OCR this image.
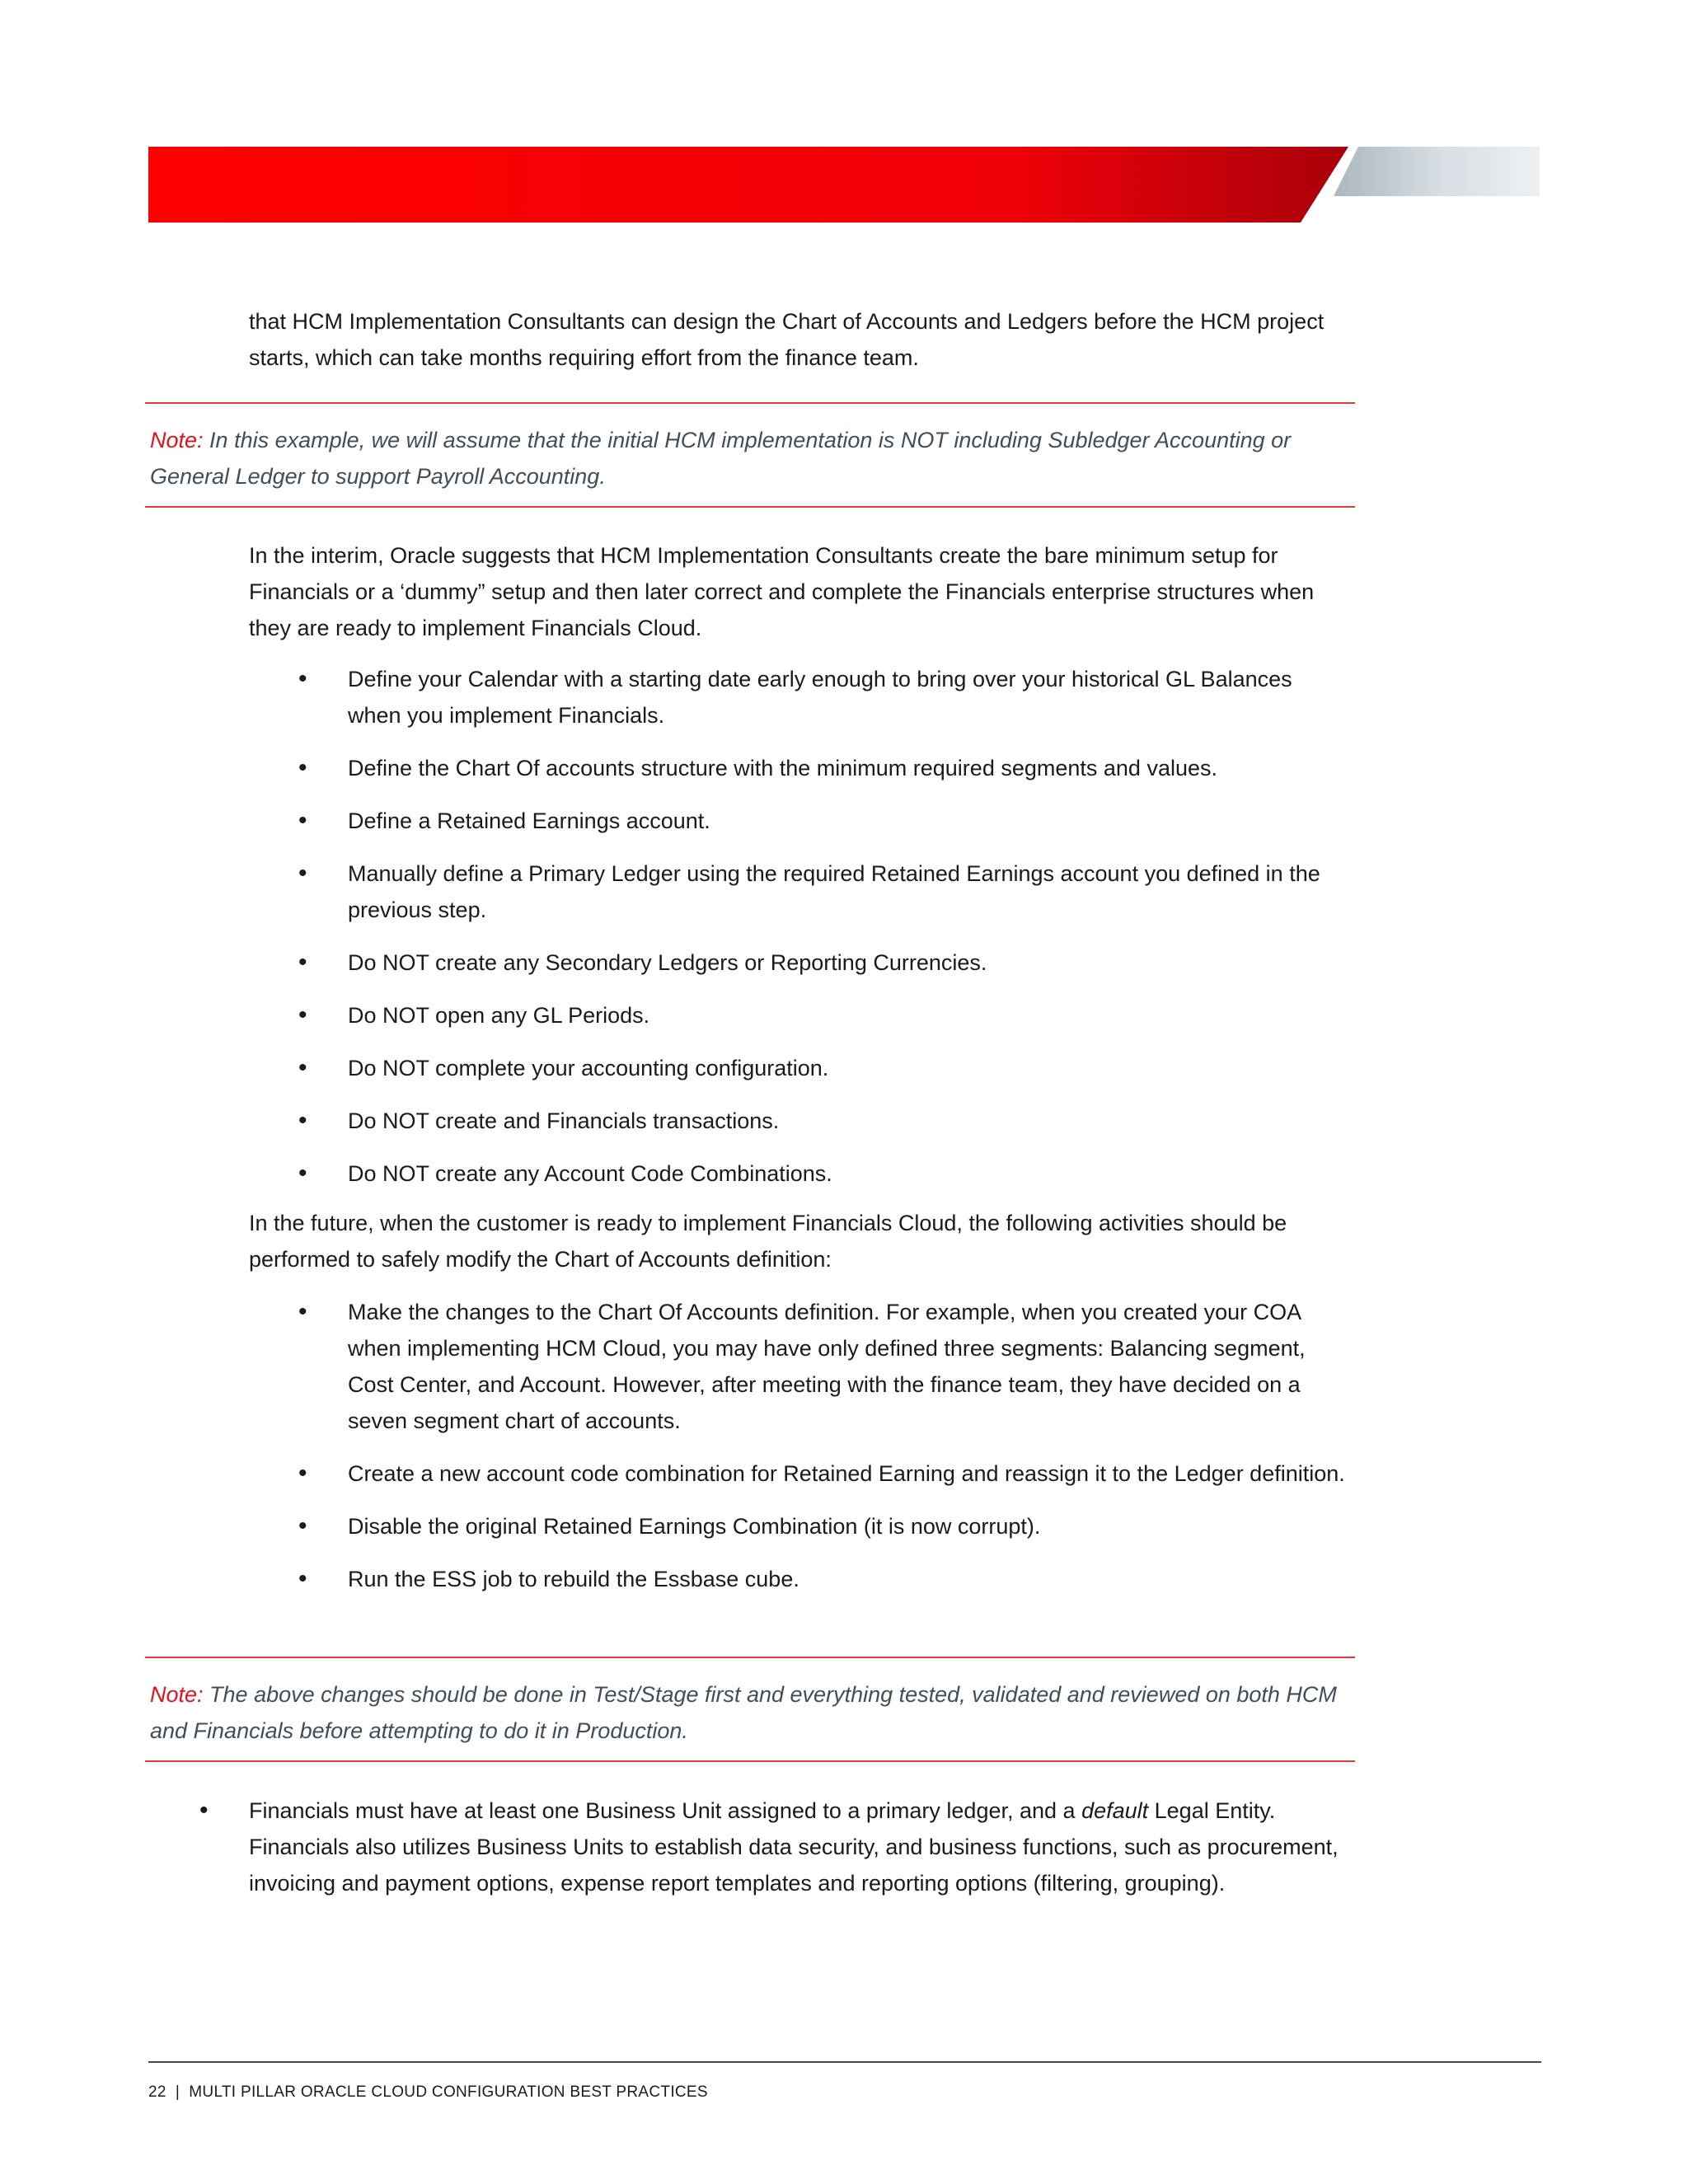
that HCM Implementation Consultants can design the Chart of Accounts and Ledgers before the HCM project starts, which can take months requiring effort from the finance team.
Note: In this example, we will assume that the initial HCM implementation is NOT including Subledger Accounting or General Ledger to support Payroll Accounting.
In the interim, Oracle suggests that HCM Implementation Consultants create the bare minimum setup for Financials or a ‘dummy” setup and then later correct and complete the Financials enterprise structures when they are ready to implement Financials Cloud.
• Define your Calendar with a starting date early enough to bring over your historical GL Balances when you implement Financials.
• Define the Chart Of accounts structure with the minimum required segments and values.
• Define a Retained Earnings account.
• Manually define a Primary Ledger using the required Retained Earnings account you defined in the previous step.
• Do NOT create any Secondary Ledgers or Reporting Currencies.
• Do NOT open any GL Periods.
• Do NOT complete your accounting configuration.
• Do NOT create and Financials transactions.
• Do NOT create any Account Code Combinations.
In the future, when the customer is ready to implement Financials Cloud, the following activities should be performed to safely modify the Chart of Accounts definition:
• Make the changes to the Chart Of Accounts definition. For example, when you created your COA when implementing HCM Cloud, you may have only defined three segments: Balancing segment, Cost Center, and Account. However, after meeting with the finance team, they have decided on a seven segment chart of accounts.
• Create a new account code combination for Retained Earning and reassign it to the Ledger definition.
• Disable the original Retained Earnings Combination (it is now corrupt).
• Run the ESS job to rebuild the Essbase cube.
Note: The above changes should be done in Test/Stage first and everything tested, validated and reviewed on both HCM and Financials before attempting to do it in Production.
• Financials must have at least one Business Unit assigned to a primary ledger, and a default Legal Entity. Financials also utilizes Business Units to establish data security, and business functions, such as procurement, invoicing and payment options, expense report templates and reporting options (filtering, grouping).
22  |  MULTI PILLAR ORACLE CLOUD CONFIGURATION BEST PRACTICES
